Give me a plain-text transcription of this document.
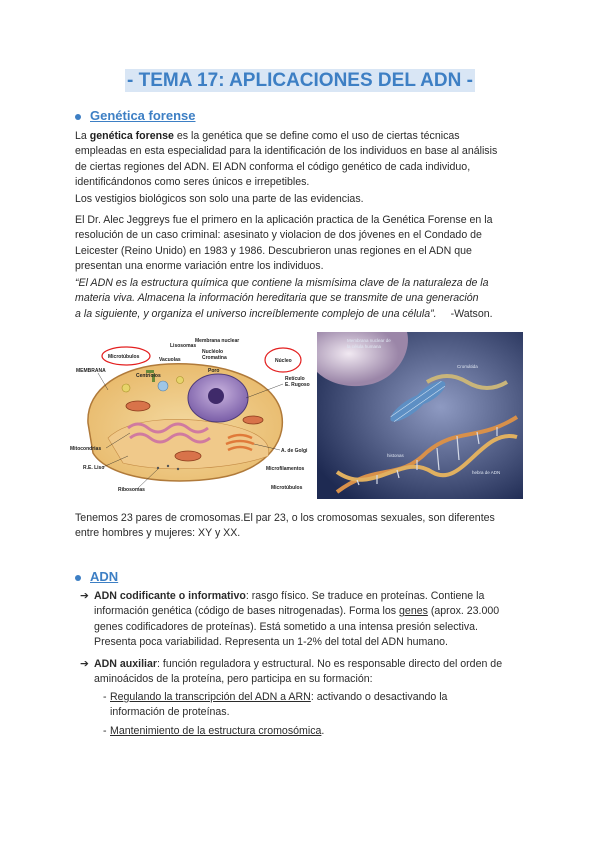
- TEMA 17: APLICACIONES DEL ADN -
Genética forense
La genética forense es la genética que se define como el uso de ciertas técnicas
empleadas en esta especialidad para la identificación de los individuos en base al análisis
de ciertas regiones del ADN. El ADN conforma el código genético de cada individuo,
identificándonos como seres únicos e irrepetibles.
Los vestigios biológicos son solo una parte de las evidencias.
El Dr. Alec Jeggreys fue el primero en la aplicación practica de la Genética Forense en la
resolución de un caso criminal: asesinato y violacion de dos jóvenes en el Condado de
Leicester (Reino Unido) en 1983 y 1986. Descubrieron unas regiones en el ADN que
presentan una enorme variación entre los individuos.
“El ADN es la estructura química que contiene la mismísima clave de la naturaleza de la
materia viva. Almacena la información hereditaria que se transmite de una generación
a la siguiente, y organiza el universo increíblemente complejo de una célula”. -Watson.
Microtúbulos
Membrana nuclear
Lisosomas
Vacuolas
Nucléolo
Cromatina
Poro
Núcleo
MEMBRANA
Centríolos	Retículo
E. Rugoso
Mitocondrias	A. de Golgi
R.E. Liso	Microfilamentos
Ribosomas	Microtúbulos
Membrana nuclear de
la célula humana
Cromátida
histonas
hebra de ADN
Tenemos 23 pares de cromosomas.El par 23, o los cromosomas sexuales, son diferentes
entre hombres y mujeres: XY y XX.
ADN
➔ ADN codificante o informativo: rasgo físico. Se traduce en proteínas. Contiene la
información genética (código de bases nitrogenadas). Forma los genes (aprox. 23.000
genes codificadores de proteínas). Está sometido a una intensa presión selectiva.
Presenta poca variabilidad. Representa un 1-2% del total del ADN humano.
➔ ADN auxiliar: función reguladora y estructural. No es responsable directo del orden de
aminoácidos de la proteína, pero participa en su formación:
- Regulando la transcripción del ADN a ARN: activando o desactivando la
información de proteínas.
- Mantenimiento de la estructura cromosómica.
